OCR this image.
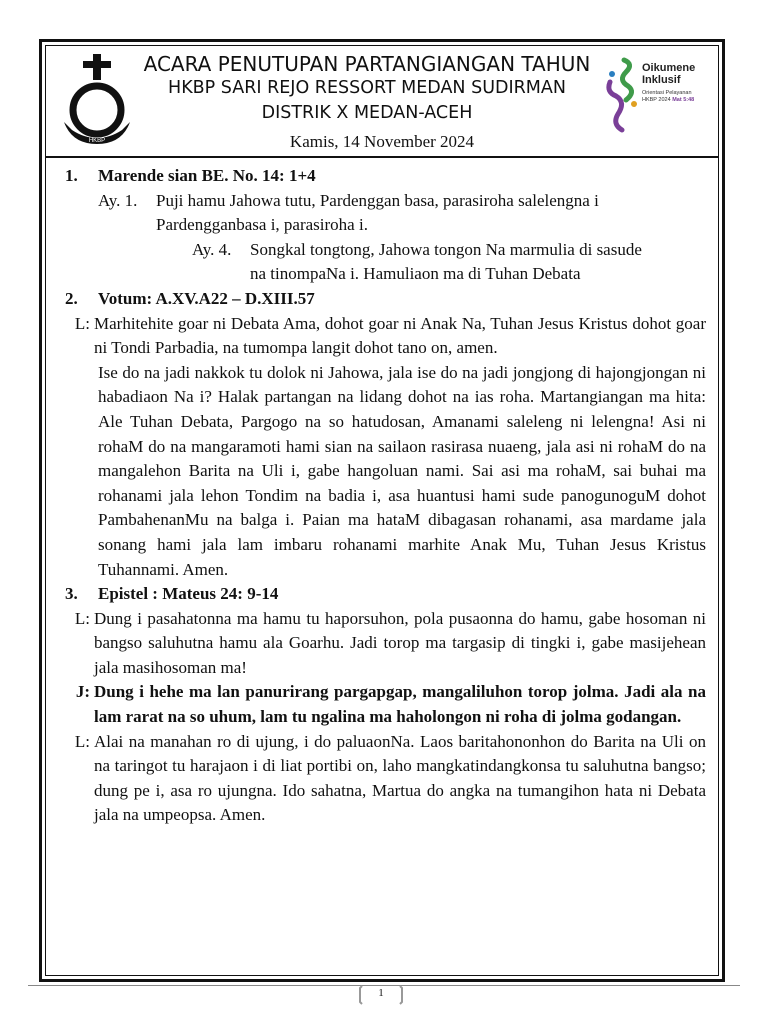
HKBP
ACARA PENUTUPAN PARTANGIANGAN TAHUN
HKBP SARI REJO RESSORT MEDAN SUDIRMAN
DISTRIK X MEDAN-ACEH
Kamis, 14 November 2024
Oikumene
Inklusif
Orientasi Pelayanan
HKBP 2024 Mat 5:48
1.	Marende sian BE. No. 14: 1+4
Ay. 1.	Puji hamu Jahowa tutu, Pardenggan basa, parasiroha salelengna i
Pardengganbasa i, parasiroha i.
Ay. 4.	Songkal tongtong, Jahowa tongon Na marmulia di sasude
na tinompaNa i. Hamuliaon ma di Tuhan Debata
2.	Votum: A.XV.A22 – D.XIII.57
L: Marhitehite goar ni Debata Ama, dohot goar ni Anak Na, Tuhan Jesus Kristus dohot goar ni Tondi Parbadia, na tumompa langit dohot tano on, amen.
Ise do na jadi nakkok tu dolok ni Jahowa, jala ise do na jadi jongjong di hajongjongan ni habadiaon Na i? Halak partangan na lidang dohot na ias roha. Martangiangan ma hita: Ale Tuhan Debata, Pargogo na so hatudosan, Amanami saleleng ni lelengna! Asi ni rohaM do na mangaramoti hami sian na sailaon rasirasa nuaeng, jala asi ni rohaM do na mangalehon Barita na Uli i, gabe hangoluan nami. Sai asi ma rohaM, sai buhai ma rohanami jala lehon Tondim na badia i, asa huantusi hami sude panogunoguM dohot PambahenanMu na balga i. Paian ma hataM dibagasan rohanami, asa mardame jala sonang hami jala lam imbaru rohanami marhite Anak Mu, Tuhan Jesus Kristus Tuhannami. Amen.
3.	Epistel : Mateus 24: 9-14
L: Dung i pasahatonna ma hamu tu haporsuhon, pola pusaonna do hamu, gabe hosoman ni bangso saluhutna hamu ala Goarhu. Jadi torop ma targasip di tingki i, gabe masijehean jala masihosoman ma!
J: Dung i hehe ma lan panurirang pargapgap, mangaliluhon torop jolma. Jadi ala na lam rarat na so uhum, lam tu ngalina ma haholongon ni roha di jolma godangan.
L: Alai na manahan ro di ujung, i do paluaonNa. Laos baritahononhon do Barita na Uli on na taringot tu harajaon i di liat portibi on, laho mangkatindangkonsa tu saluhutna bangso; dung pe i, asa ro ujungna. Ido sahatna, Martua do angka na tumangihon hata ni Debata jala na umpeopsa. Amen.
1
